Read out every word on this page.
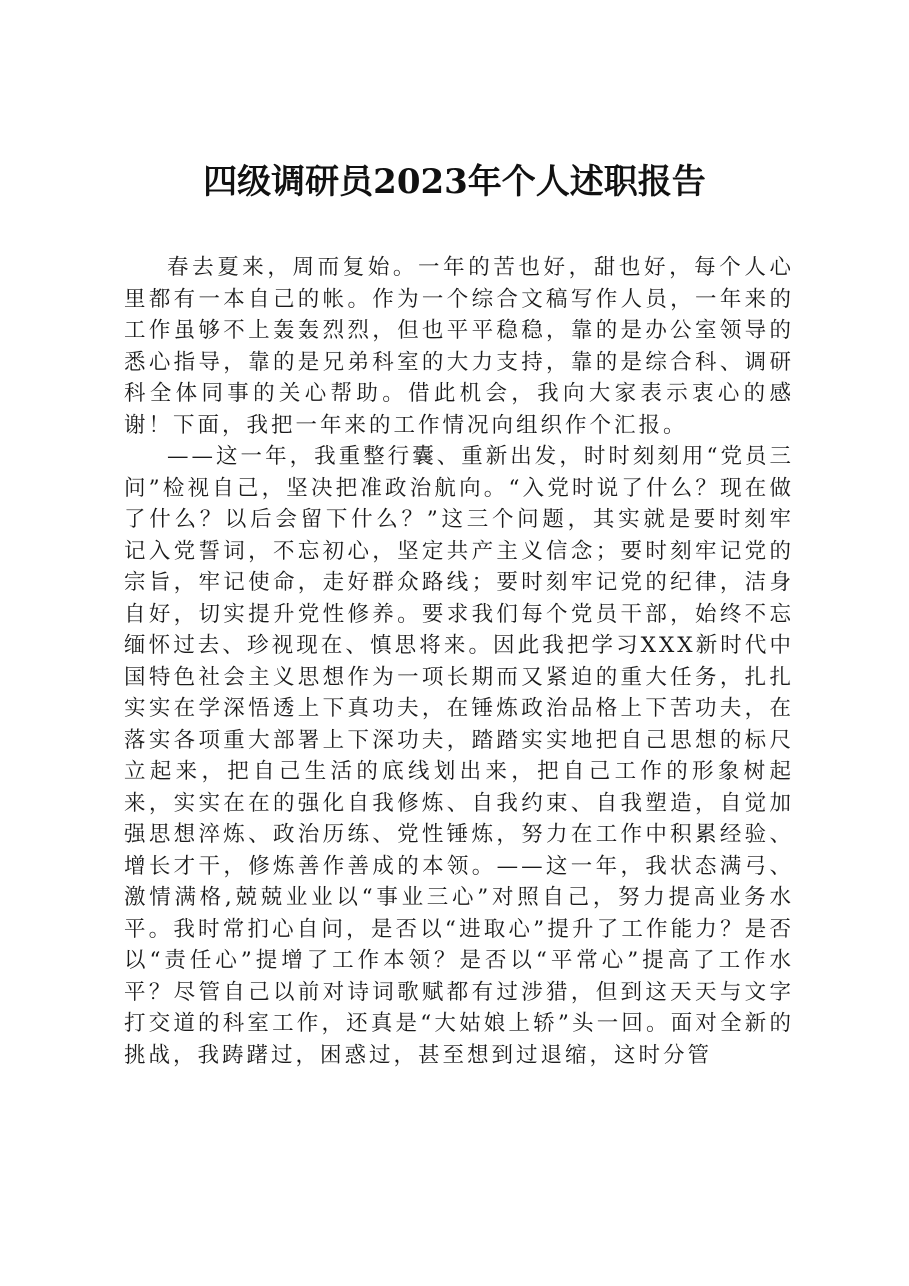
四级调研员2023年个人述职报告

春去夏来，周而复始。一年的苦也好，甜也好，每个人心里都有一本自己的帐。作为一个综合文稿写作人员，一年来的工作虽够不上轰轰烈烈，但也平平稳稳，靠的是办公室领导的悉心指导，靠的是兄弟科室的大力支持，靠的是综合科、调研科全体同事的关心帮助。借此机会，我向大家表示衷心的感谢！下面，我把一年来的工作情况向组织作个汇报。

——这一年，我重整行囊、重新出发，时时刻刻用“党员三问”检视自己，坚决把准政治航向。“入党时说了什么？现在做了什么？以后会留下什么？”这三个问题，其实就是要时刻牢记入党誓词，不忘初心，坚定共产主义信念；要时刻牢记党的宗旨，牢记使命，走好群众路线；要时刻牢记党的纪律，洁身自好，切实提升党性修养。要求我们每个党员干部，始终不忘缅怀过去、珍视现在、慎思将来。因此我把学习XXX新时代中国特色社会主义思想作为一项长期而又紧迫的重大任务，扎扎实实在学深悟透上下真功夫，在锤炼政治品格上下苦功夫，在落实各项重大部署上下深功夫，踏踏实实地把自己思想的标尺立起来，把自己生活的底线划出来，把自己工作的形象树起来，实实在在的强化自我修炼、自我约束、自我塑造，自觉加强思想淬炼、政治历练、党性锤炼，努力在工作中积累经验、增长才干，修炼善作善成的本领。——这一年，我状态满弓、激情满格,兢兢业业以“事业三心”对照自己，努力提高业务水平。我时常扪心自问，是否以“进取心”提升了工作能力？是否以“责任心”提增了工作本领？是否以“平常心”提高了工作水平？尽管自己以前对诗词歌赋都有过涉猎，但到这天天与文字打交道的科室工作，还真是“大姑娘上轿”头一回。面对全新的挑战，我踌躇过，困惑过，甚至想到过退缩，这时分管
